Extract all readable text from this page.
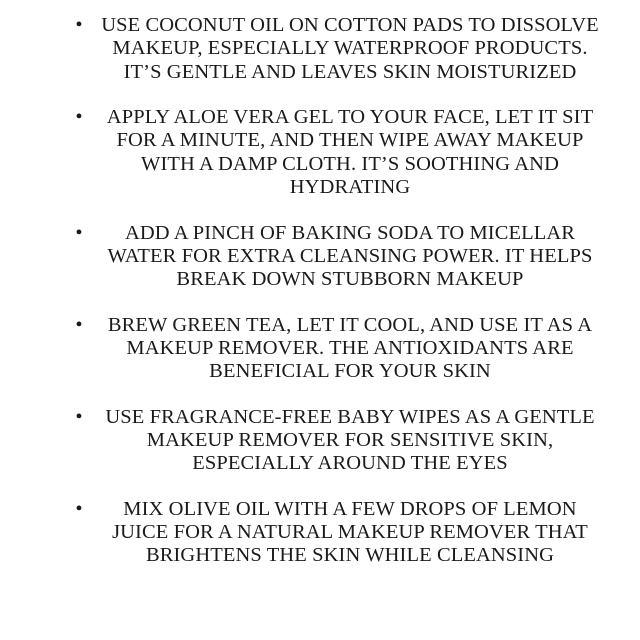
• USE COCONUT OIL ON COTTON PADS TO DISSOLVE MAKEUP, ESPECIALLY WATERPROOF PRODUCTS. IT’S GENTLE AND LEAVES SKIN MOISTURIZED
•	APPLY ALOE VERA GEL TO YOUR FACE, LET IT SIT FOR A MINUTE, AND THEN WIPE AWAY MAKEUP WITH A DAMP CLOTH. IT’S SOOTHING AND HYDRATING
•	ADD A PINCH OF BAKING SODA TO MICELLAR WATER FOR EXTRA CLEANSING POWER. IT HELPS BREAK DOWN STUBBORN MAKEUP
•	BREW GREEN TEA, LET IT COOL, AND USE IT AS A MAKEUP REMOVER. THE ANTIOXIDANTS ARE BENEFICIAL FOR YOUR SKIN
• USE FRAGRANCE-FREE BABY WIPES AS A GENTLE MAKEUP REMOVER FOR SENSITIVE SKIN, ESPECIALLY AROUND THE EYES
•	MIX OLIVE OIL WITH A FEW DROPS OF LEMON JUICE FOR A NATURAL MAKEUP REMOVER THAT BRIGHTENS THE SKIN WHILE CLEANSING
